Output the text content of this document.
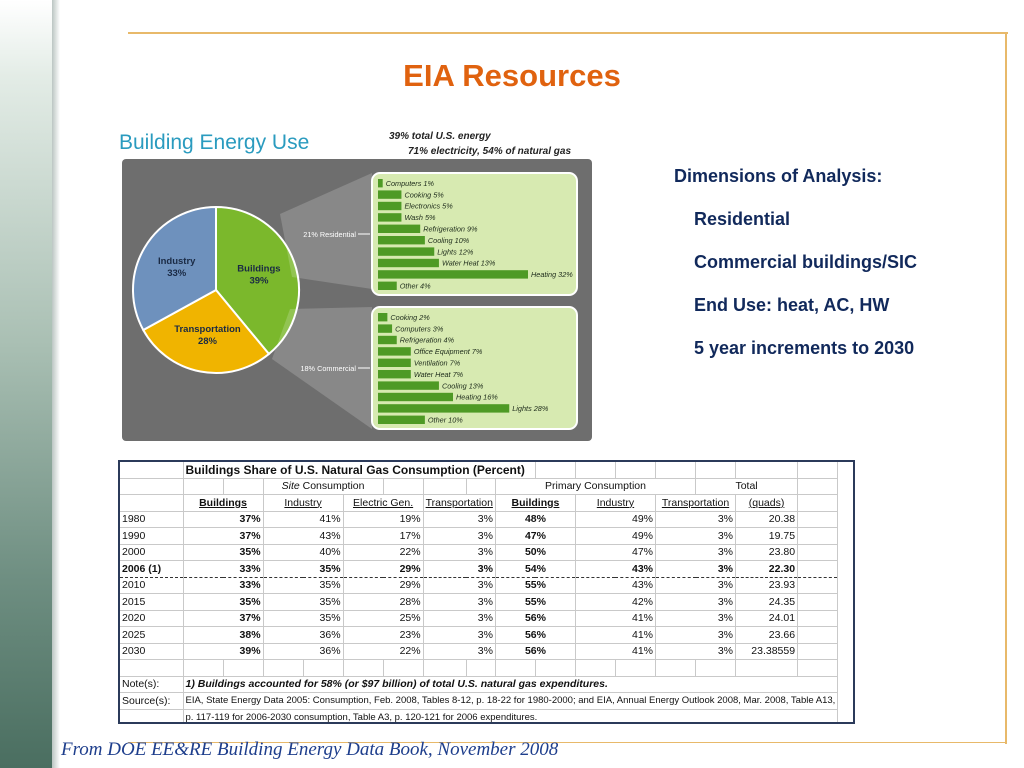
EIA Resources
Building Energy Use	39% total U.S. energy
71% electricity, 54% of natural gas
Buildings
39%
Transportation
28%
Industry
33%
Computers 1%
Cooking 5%
Electronics 5%
Wash 5%
Refrigeration 9%
Cooling 10%
Lights 12%
Water Heat 13%
Heating 32%
Other 4%
21% Residential
Cooking 2%
Computers 3%
Refrigeration 4%
Office Equipment 7%
Ventilation 7%
Water Heat 7%
Cooling 13%
Heating 16%
Lights 28%
Other 10%
18% Commercial
Dimensions of Analysis:
Residential
Commercial buildings/SIC
End Use: heat, AC, HW
5 year increments to 2030
	Buildings Share of U.S. Natural Gas Consumption (Percent)															
			Site Consumption						Primary Consumption					Total		
	Buildings		Industry		Electric Gen.		Transportation		Buildings		Industry		Transportation		(quads)	
1980	37%		41%		19%		3%		48%		49%		3%		20.38	
1990	37%		43%		17%		3%		47%		49%		3%		19.75	
2000	35%		40%		22%		3%		50%		47%		3%		23.80	
2006 (1)	33%		35%		29%		3%		54%		43%		3%		22.30	
2010	33%		35%		29%		3%		55%		43%		3%		23.93	
2015	35%		35%		28%		3%		55%		42%		3%		24.35	
2020	37%		35%		25%		3%		56%		41%		3%		24.01	
2025	38%		36%		23%		3%		56%		41%		3%		23.66	
2030	39%		36%		22%		3%		56%		41%		3%		23.38559	

Note(s):	1) Buildings accounted for 58% (or $97 billion) of total U.S. natural gas expenditures.															
Source(s):	EIA, State Energy Data 2005: Consumption, Feb. 2008, Tables 8-12, p. 18-22 for 1980-2000; and EIA, Annual Energy Outlook 2008, Mar. 2008, Table A13,															
	p. 117-119 for 2006-2030 consumption, Table A3, p. 120-121 for 2006 expenditures.															
From DOE EE&RE Building Energy Data Book, November 2008
